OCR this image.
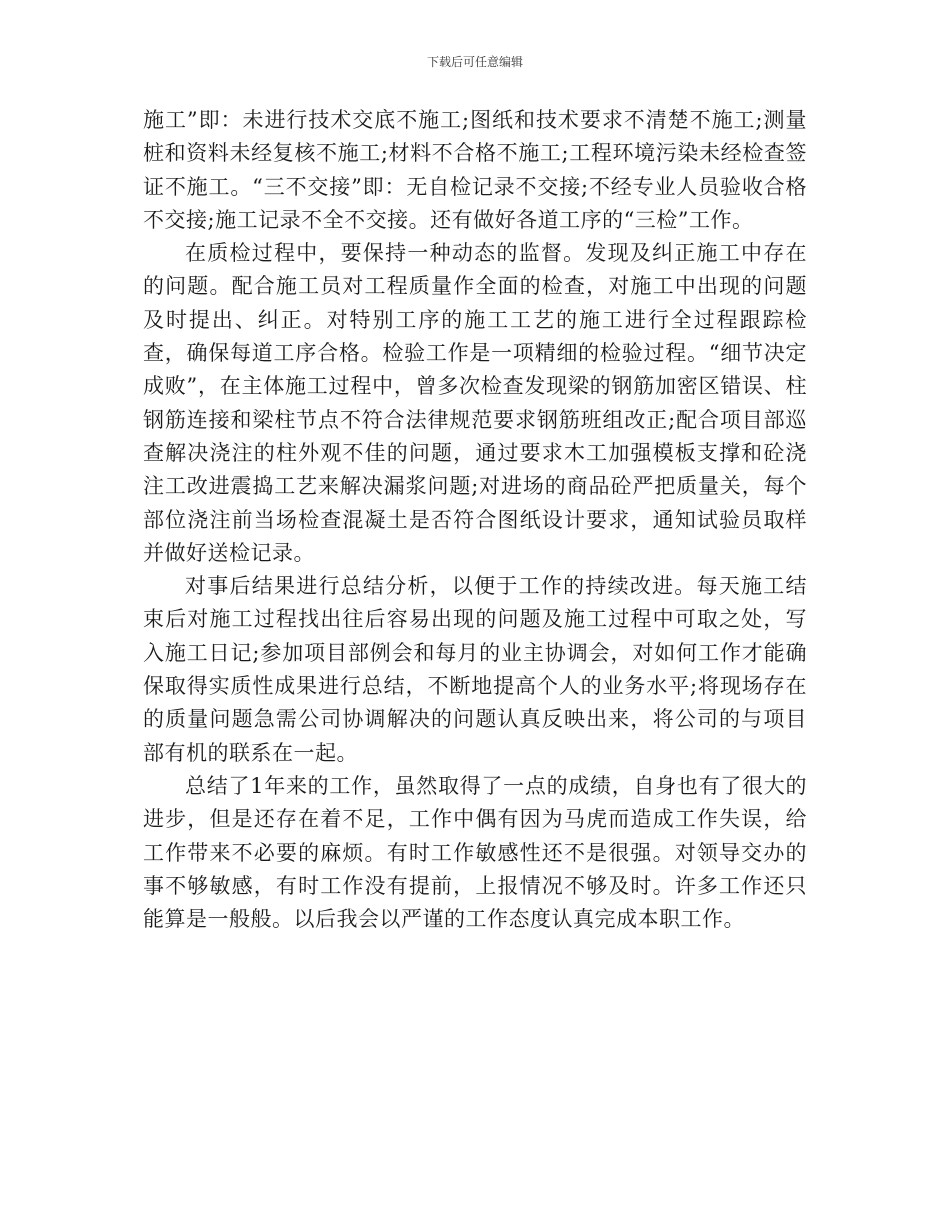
下载后可任意编辑

施工”即：未进行技术交底不施工;图纸和技术要求不清楚不施工;测量桩和资料未经复核不施工;材料不合格不施工;工程环境污染未经检查签证不施工。“三不交接”即：无自检记录不交接;不经专业人员验收合格不交接;施工记录不全不交接。还有做好各道工序的“三检”工作。

在质检过程中，要保持一种动态的监督。发现及纠正施工中存在的问题。配合施工员对工程质量作全面的检查，对施工中出现的问题及时提出、纠正。对特别工序的施工工艺的施工进行全过程跟踪检查，确保每道工序合格。检验工作是一项精细的检验过程。“细节决定成败”，在主体施工过程中，曾多次检查发现梁的钢筋加密区错误、柱钢筋连接和梁柱节点不符合法律规范要求钢筋班组改正;配合项目部巡查解决浇注的柱外观不佳的问题，通过要求木工加强模板支撑和砼浇注工改进震捣工艺来解决漏浆问题;对进场的商品砼严把质量关，每个部位浇注前当场检查混凝土是否符合图纸设计要求，通知试验员取样并做好送检记录。

对事后结果进行总结分析，以便于工作的持续改进。每天施工结束后对施工过程找出往后容易出现的问题及施工过程中可取之处，写入施工日记;参加项目部例会和每月的业主协调会，对如何工作才能确保取得实质性成果进行总结，不断地提高个人的业务水平;将现场存在的质量问题急需公司协调解决的问题认真反映出来，将公司的与项目部有机的联系在一起。

总结了1年来的工作，虽然取得了一点的成绩，自身也有了很大的进步，但是还存在着不足，工作中偶有因为马虎而造成工作失误，给工作带来不必要的麻烦。有时工作敏感性还不是很强。对领导交办的事不够敏感，有时工作没有提前，上报情况不够及时。许多工作还只能算是一般般。以后我会以严谨的工作态度认真完成本职工作。
